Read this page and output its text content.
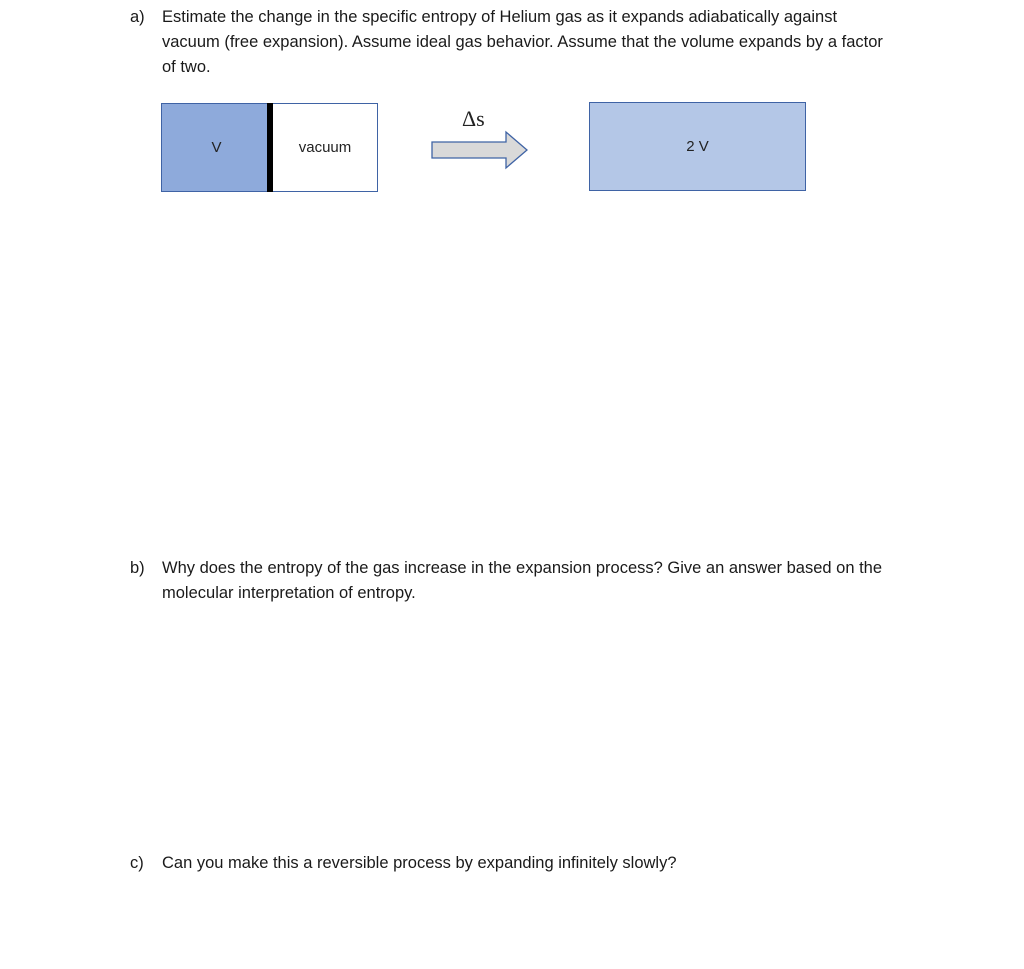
a)	Estimate the change in the specific entropy of Helium gas as it expands adiabatically against vacuum (free expansion). Assume ideal gas behavior. Assume that the volume expands by a factor of two.
V	vacuum
Δs
2 V
b)	Why does the entropy of the gas increase in the expansion process? Give an answer based on the molecular interpretation of entropy.
c)	Can you make this a reversible process by expanding infinitely slowly?
